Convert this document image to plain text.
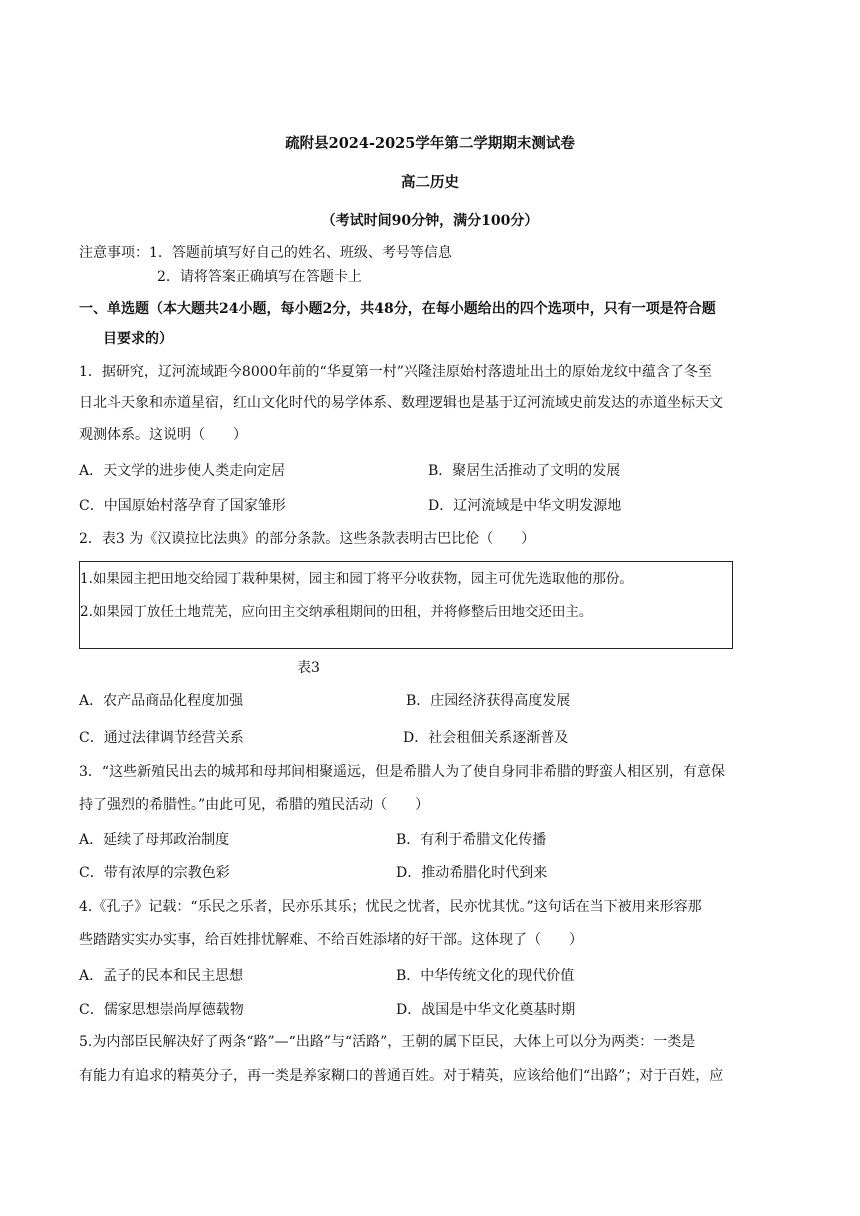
疏附县2024-2025学年第二学期期末测试卷
高二历史
（考试时间90分钟，满分100分）
注意事项：1．答题前填写好自己的姓名、班级、考号等信息
2．请将答案正确填写在答题卡上
一、单选题（本大题共24小题，每小题2分，共48分，在每小题给出的四个选项中，只有一项是符合题
目要求的）
1．据研究，辽河流域距今8000年前的“华夏第一村”兴隆洼原始村落遗址出土的原始龙纹中蕴含了冬至
日北斗天象和赤道星宿，红山文化时代的易学体系、数理逻辑也是基于辽河流域史前发达的赤道坐标天文
观测体系。这说明（　　）
A．天文学的进步使人类走向定居	B．聚居生活推动了文明的发展
C．中国原始村落孕育了国家雏形	D．辽河流域是中华文明发源地
2．表3 为《汉谟拉比法典》的部分条款。这些条款表明古巴比伦（　　）
1.如果园主把田地交给园丁栽种果树，园主和园丁将平分收获物，园主可优先选取他的那份。
2.如果园丁放任土地荒芜，应向田主交纳承租期间的田租，并将修整后田地交还田主。
表3
A．农产品商品化程度加强	B．庄园经济获得高度发展
C．通过法律调节经营关系	D．社会租佃关系逐渐普及
3．“这些新殖民出去的城邦和母邦间相聚遥远，但是希腊人为了使自身同非希腊的野蛮人相区别，有意保
持了强烈的希腊性。”由此可见，希腊的殖民活动（　　）
A．延续了母邦政治制度	B．有利于希腊文化传播
C．带有浓厚的宗教色彩	D．推动希腊化时代到来
4.《孔子》记载：“乐民之乐者，民亦乐其乐；忧民之忧者，民亦忧其忧。”这句话在当下被用来形容那
些踏踏实实办实事，给百姓排忧解难、不给百姓添堵的好干部。这体现了（　　）
A．孟子的民本和民主思想	B．中华传统文化的现代价值
C．儒家思想崇尚厚德载物	D．战国是中华文化奠基时期
5.为内部臣民解决好了两条“路”—“出路”与“活路”，王朝的属下臣民，大体上可以分为两类：一类是
有能力有追求的精英分子，再一类是养家糊口的普通百姓。对于精英，应该给他们“出路”；对于百姓，应
